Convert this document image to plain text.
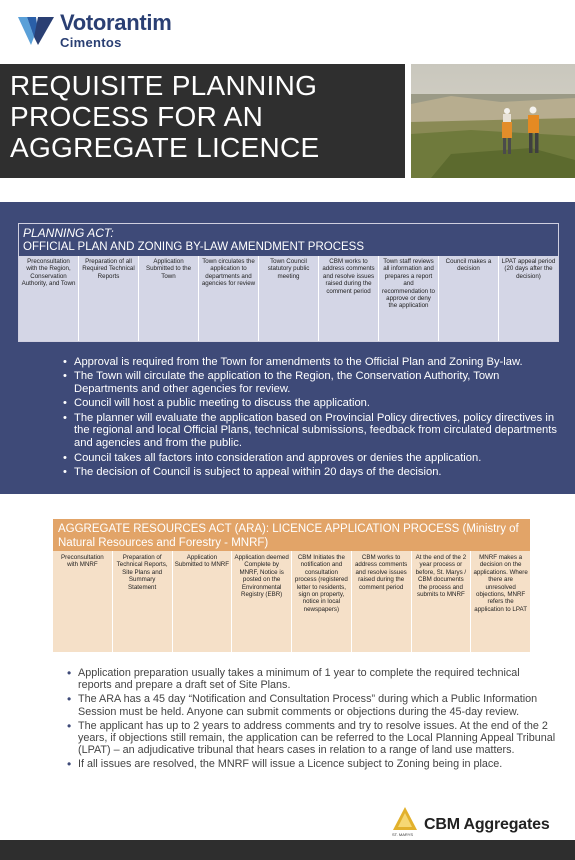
Votorantim
Cimentos
REQUISITE PLANNING PROCESS FOR AN AGGREGATE LICENCE
PLANNING ACT:
OFFICIAL PLAN AND ZONING BY-LAW AMENDMENT PROCESS
Preconsultation with the Region, Conservation Authority, and Town
Preparation of all Required Technical Reports
Application Submitted to the Town
Town circulates the application to departments and agencies for review
Town Council statutory public meeting
CBM works to address comments and resolve issues raised during the comment period
Town staff reviews all information and prepares a report and recommendation to approve or deny the application
Council makes a decision
LPAT appeal period (20 days after the decision)
• Approval is required from the Town for amendments to the Official Plan and Zoning By-law.
• The Town will circulate the application to the Region, the Conservation Authority, Town Departments and other agencies for review.
• Council will host a public meeting to discuss the application.
• The planner will evaluate the application based on Provincial Policy directives, policy directives in the regional and local Official Plans, technical submissions, feedback from circulated departments and agencies and from the public.
• Council takes all factors into consideration and approves or denies the application.
• The decision of Council is subject to appeal within 20 days of the decision.
AGGREGATE RESOURCES ACT (ARA): LICENCE APPLICATION PROCESS (Ministry of Natural Resources and Forestry - MNRF)
Preconsultation with MNRF
Preparation of Technical Reports, Site Plans and Summary Statement
Application Submitted to MNRF
Application deemed Complete by MNRF, Notice is posted on the Environmental Registry (EBR)
CBM Initiates the notification and consultation process (registered letter to residents, sign on property, notice in local newspapers)
CBM works to address comments and resolve issues raised during the comment period
At the end of the 2 year process or before, St. Marys / CBM documents the process and submits to MNRF
MNRF makes a decision on the applications. Where there are unresolved objections, MNRF refers the application to LPAT
• Application preparation usually takes a minimum of 1 year to complete the required technical reports and prepare a draft set of Site Plans.
• The ARA has a 45 day “Notification and Consultation Process” during which a Public Information Session must be held. Anyone can submit comments or objections during the 45-day review.
• The applicant has up to 2 years to address comments and try to resolve issues. At the end of the 2 years, if objections still remain, the application can be referred to the Local Planning Appeal Tribunal (LPAT) – an adjudicative tribunal that hears cases in relation to a range of land use matters.
• If all issues are resolved, the MNRF will issue a Licence subject to Zoning being in place.
CBM Aggregates
ST. MARYS
